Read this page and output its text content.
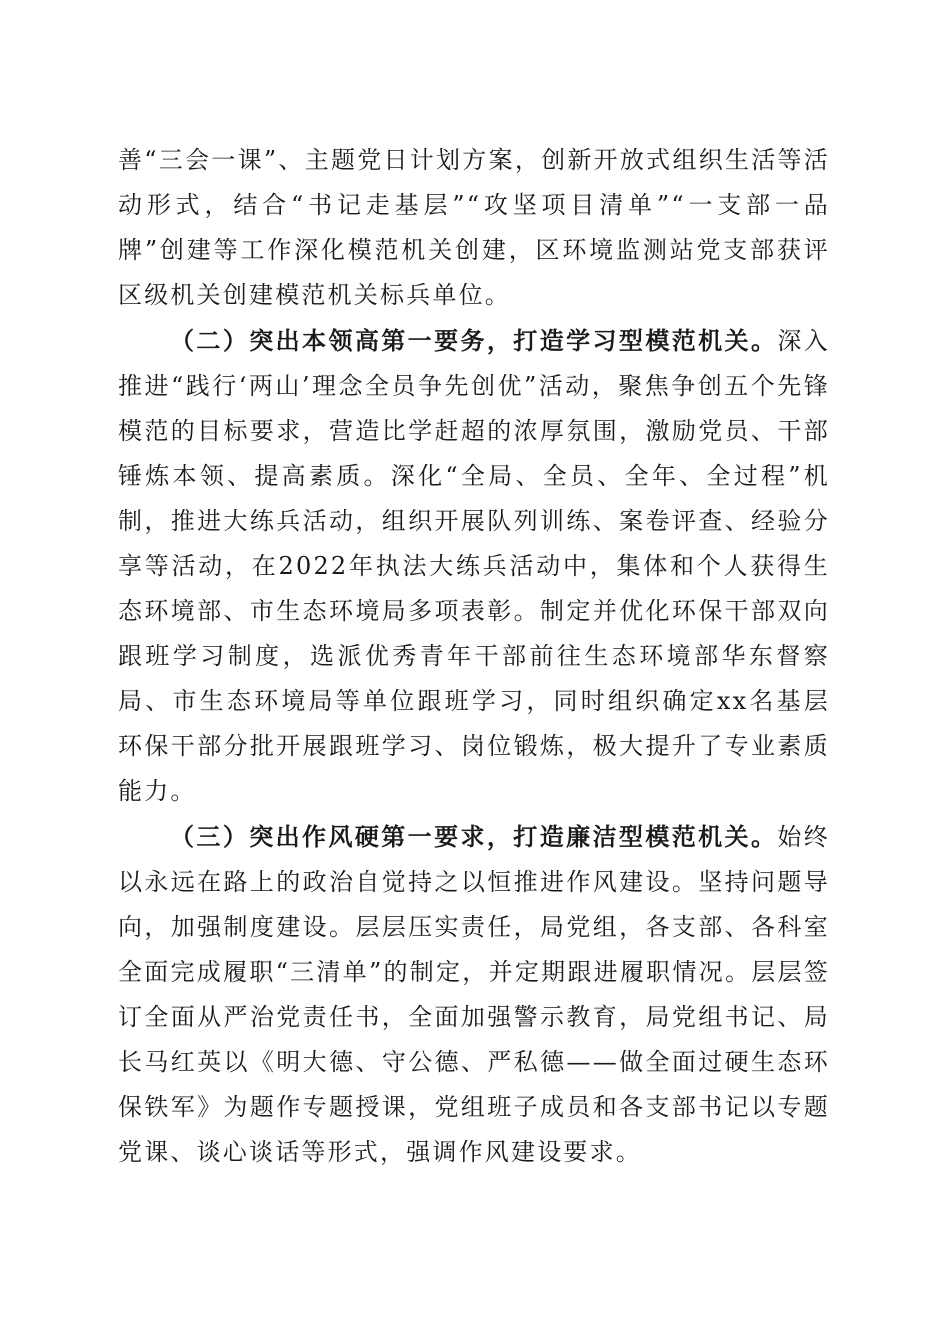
善“三会一课”、主题党日计划方案，创新开放式组织生活等活动形式，结合“书记走基层”“攻坚项目清单”“一支部一品牌”创建等工作深化模范机关创建，区环境监测站党支部获评区级机关创建模范机关标兵单位。

（二）突出本领高第一要务，打造学习型模范机关。深入推进“践行‘两山’理念全员争先创优”活动，聚焦争创五个先锋模范的目标要求，营造比学赶超的浓厚氛围，激励党员、干部锤炼本领、提高素质。深化“全局、全员、全年、全过程”机制，推进大练兵活动，组织开展队列训练、案卷评查、经验分享等活动，在2022年执法大练兵活动中，集体和个人获得生态环境部、市生态环境局多项表彰。制定并优化环保干部双向跟班学习制度，选派优秀青年干部前往生态环境部华东督察局、市生态环境局等单位跟班学习，同时组织确定xx名基层环保干部分批开展跟班学习、岗位锻炼，极大提升了专业素质能力。

（三）突出作风硬第一要求，打造廉洁型模范机关。始终以永远在路上的政治自觉持之以恒推进作风建设。坚持问题导向，加强制度建设。层层压实责任，局党组，各支部、各科室全面完成履职“三清单”的制定，并定期跟进履职情况。层层签订全面从严治党责任书，全面加强警示教育，局党组书记、局长马红英以《明大德、守公德、严私德——做全面过硬生态环保铁军》为题作专题授课，党组班子成员和各支部书记以专题党课、谈心谈话等形式，强调作风建设要求。
